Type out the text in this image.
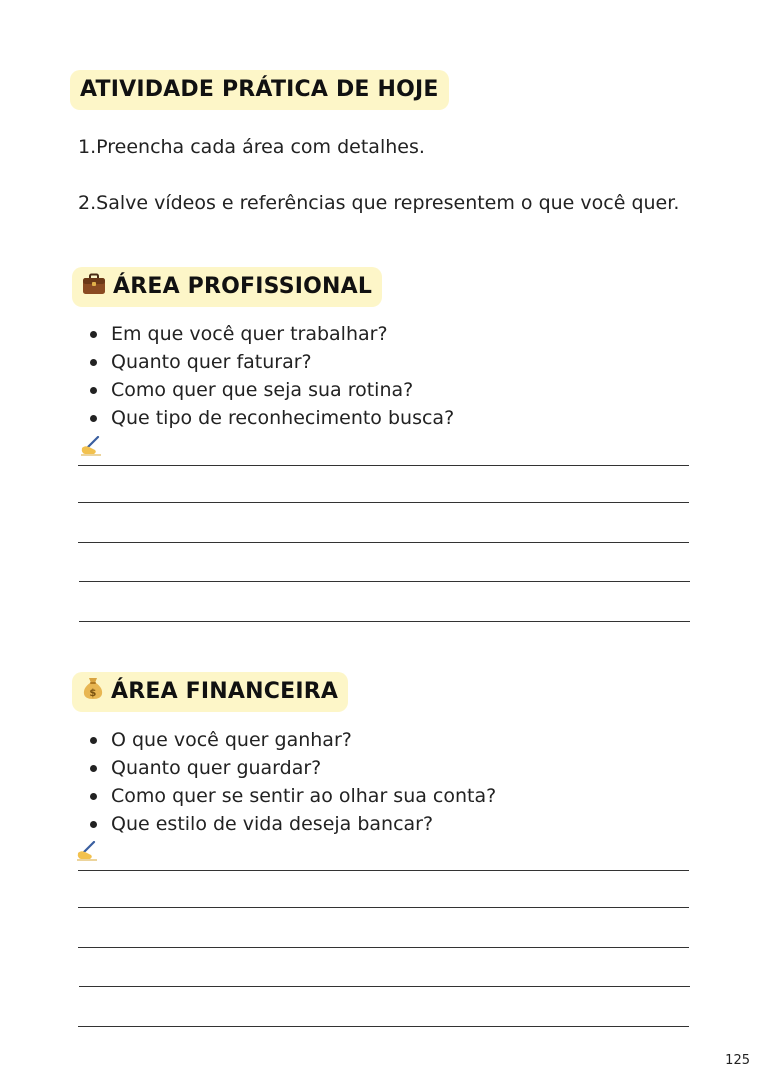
ATIVIDADE PRÁTICA DE HOJE
1.Preencha cada área com detalhes.
2.Salve vídeos e referências que representem o que você quer.
ÁREA PROFISSIONAL
Em que você quer trabalhar?
Quanto quer faturar?
Como quer que seja sua rotina?
Que tipo de reconhecimento busca?
$ ÁREA FINANCEIRA
O que você quer ganhar?
Quanto quer guardar?
Como quer se sentir ao olhar sua conta?
Que estilo de vida deseja bancar?
125
